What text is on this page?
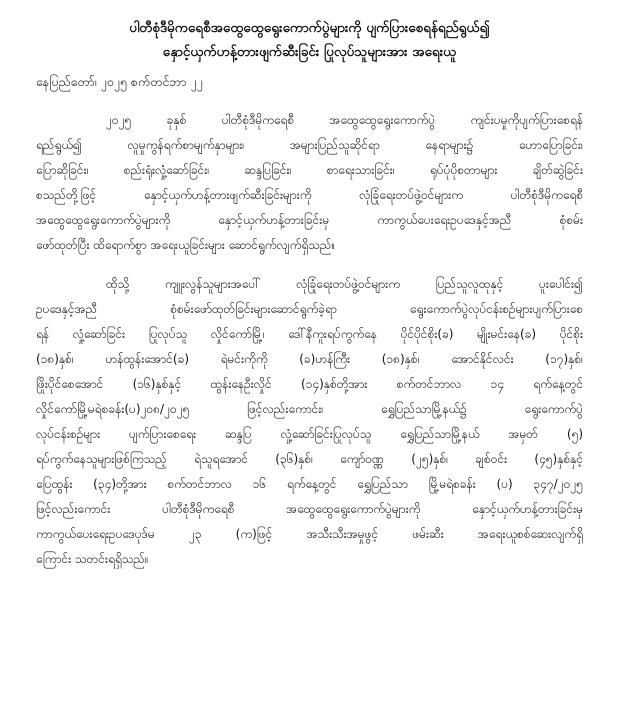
ပါတီစုံဒီမိုကရေစီအထွေထွေရွေးကောက်ပွဲများကို ပျက်ပြားစေရန်ရည်ရွယ်၍
နှောင့်ယှက်ဟန့်တားဖျက်ဆီးခြင်း ပြုလုပ်သူများအား အရေးယူ
နေပြည်တော်၊ ၂၀၂၅ စက်တင်ဘာ ၂၂
၂၀၂၅ ခုနှစ် ပါတီစုံဒီမိုကရေစီ အထွေထွေရွေးကောက်ပွဲ ကျင်းပမှုကိုပျက်ပြားစေရန်
ရည်ရွယ်၍ လူမှုကွန်ရက်စာမျက်နှာများ၊ အများပြည်သူဆိုင်ရာ နေရာများ၌ ဟောပြောခြင်း၊
ပြောဆိုခြင်း၊ စည်းရုံးလှုံ့ဆော်ခြင်း၊ ဆန္ဒပြခြင်း၊ စာရေးသားခြင်း၊ ရုပ်ပုံပိုစတာများ ချိတ်ဆွဲခြင်း
စသည်တို့ဖြင့် နှောင့်ယှက်ဟန့်တားဖျက်ဆီးခြင်းများကို လုံခြုံရေးတပ်ဖွဲ့ဝင်များက ပါတီစုံဒီမိုကရေစီ
အထွေထွေရွေးကောက်ပွဲများကို နှောင့်ယှက်ဟန့်တားခြင်းမှ ကာကွယ်ပေးရေးဥပဒေနှင့်အညီ စုံစမ်း
ဖော်ထုတ်ပြီး ထိရောက်စွာ အရေးယူခြင်းများ ဆောင်ရွက်လျက်ရှိသည်။
ထိုသို့ ကျူးလွန်သူများအပေါ် လုံခြုံရေးတပ်ဖွဲ့ဝင်များက ပြည်သူလူထုနှင့် ပူးပေါင်း၍
ဥပဒေနှင့်အညီ စုံစမ်းဖော်ထုတ်ခြင်းများဆောင်ရွက်ခဲ့ရာ ရွေးကောက်ပွဲလုပ်ငန်းစဉ်များပျက်ပြားစေ
ရန် လှုံ့ဆော်ခြင်း ပြုလုပ်သူ လှိုင်ကော်မြို့၊ ဒေါ်နီကူးရပ်ကွက်နေ ပိုင်ပိုင်စိုး(ခ) မျိုးမင်းနေ(ခ) ပိုင်စိုး
(၁၈)နှစ်၊ ဟန်ထွန်းအောင်(ခ) ရဲမင်းကိုကို (ခ)ဟန်ကြီး (၁၈)နှစ်၊ အောင်နိုင်လင်း (၁၇)နှစ်၊
ဖြိုးပိုင်စေအောင် (၁၆)နှစ်နှင့် ထွန်းနေဦးလှိုင် (၁၄)နှစ်တို့အား စက်တင်ဘာလ ၁၄ ရက်နေ့တွင်
လှိုင်ကော်မြို့မရဲစခန်း(ပ)၂၀၈/၂၀၂၅ ဖြင့်လည်းကောင်း၊ ရွှေပြည်သာမြို့နယ်၌ ရွေးကောက်ပွဲ
လုပ်ငန်းစဉ်များ ပျက်ပြားစေရေး ဆန္ဒပြ လှုံ့ဆော်ခြင်းပြုလုပ်သူ ရွှေပြည်သာမြို့နယ် အမှတ် (၅)
ရပ်ကွက်နေသူများဖြစ်ကြသည့် ရဲသူရအောင် (၃၆)နှစ်၊ ကျော်ဝဏ္ဏ (၂၅)နှစ်၊ ချစ်ဝင်း (၄၅)နှစ်နှင့်
ပြေထွန်း (၃၄)တို့အား စက်တင်ဘာလ ၁၆ ရက်နေ့တွင် ရွှေပြည်သာ မြို့မရဲစခန်း (ပ) ၃၄၇/၂၀၂၅
ဖြင့်လည်းကောင်း ပါတီစုံဒီမိုကရေစီ အထွေထွေရွေးကောက်ပွဲများကို နှောင့်ယှက်ဟန့်တားခြင်းမှ
ကာကွယ်ပေးရေးဥပဒေပုဒ်မ ၂၃ (က)ဖြင့် အသီးသီးအမှုဖွင့် ဖမ်းဆီး အရေးယူစစ်ဆေးလျက်ရှိ
ကြောင်း သတင်းရရှိသည်။
